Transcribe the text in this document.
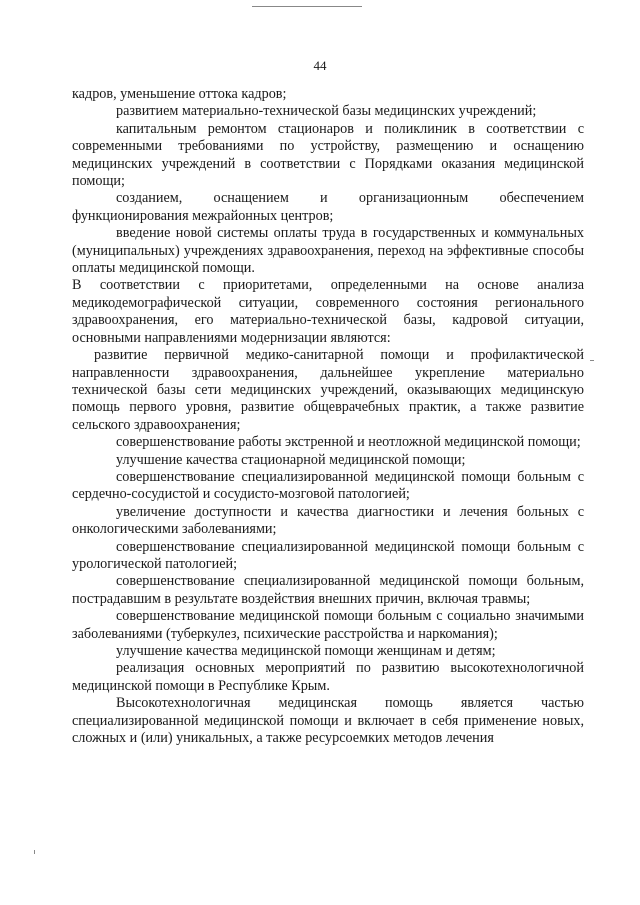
44

кадров, уменьшение оттока кадров;

развитием материально-технической базы медицинских учреждений;

капитальным ремонтом стационаров и поликлиник в соответствии с современными требованиями по устройству, размещению и оснащению медицинских учреждений в соответствии с Порядками оказания медицинской помощи;

созданием, оснащением и организационным обеспечением функционирования межрайонных центров;

введение новой системы оплаты труда в государственных и коммунальных (муниципальных) учреждениях здравоохранения, переход на эффективные способы оплаты медицинской помощи.

В соответствии с приоритетами, определенными на основе анализа медикодемографической ситуации, современного состояния регионального здравоохранения, его материально-технической базы, кадровой ситуации, основными направлениями модернизации являются:

развитие первичной медико-санитарной помощи и профилактической направленности здравоохранения, дальнейшее укрепление материально технической базы сети медицинских учреждений, оказывающих медицинскую помощь первого уровня, развитие общеврачебных практик, а также развитие сельского здравоохранения;

совершенствование работы экстренной и неотложной медицинской помощи;

улучшение качества стационарной медицинской помощи;

совершенствование специализированной медицинской помощи больным с сердечно-сосудистой и сосудисто-мозговой патологией;

увеличение доступности и качества диагностики и лечения больных с онкологическими заболеваниями;

совершенствование специализированной медицинской помощи больным с урологической патологией;

совершенствование специализированной медицинской помощи больным, пострадавшим в результате воздействия внешних причин, включая травмы;

совершенствование медицинской помощи больным с социально значимыми заболеваниями (туберкулез, психические расстройства и наркомания);

улучшение качества медицинской помощи женщинам и детям;

реализация основных мероприятий по развитию высокотехнологичной медицинской помощи в Республике Крым.

Высокотехнологичная медицинская помощь является частью специализированной медицинской помощи и включает в себя применение новых, сложных и (или) уникальных, а также ресурсоемких методов лечения
